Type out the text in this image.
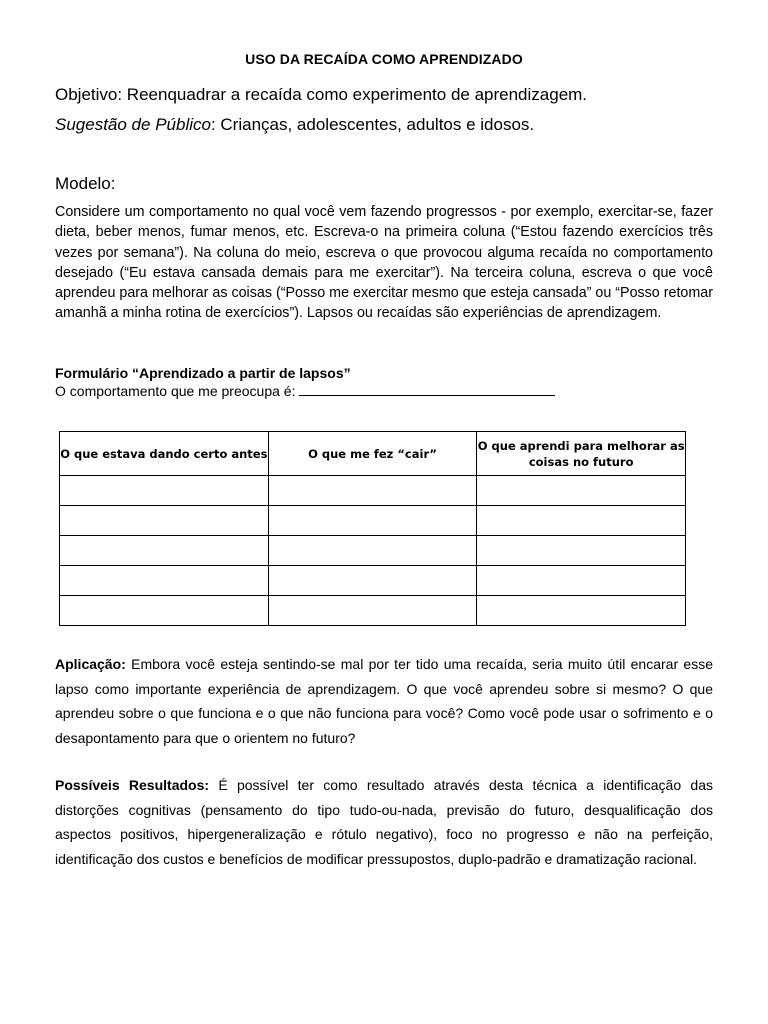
USO DA RECAÍDA COMO APRENDIZADO
Objetivo: Reenquadrar a recaída como experimento de aprendizagem.
Sugestão de Público: Crianças, adolescentes, adultos e idosos.
Modelo:

Considere um comportamento no qual você vem fazendo progressos - por exemplo, exercitar-se, fazer dieta, beber menos, fumar menos, etc. Escreva-o na primeira coluna (“Estou fazendo exercícios três vezes por semana”). Na coluna do meio, escreva o que provocou alguma recaída no comportamento desejado (“Eu estava cansada demais para me exercitar”). Na terceira coluna, escreva o que você aprendeu para melhorar as coisas (“Posso me exercitar mesmo que esteja cansada” ou “Posso retomar amanhã a minha rotina de exercícios”). Lapsos ou recaídas são experiências de aprendizagem.

Formulário “Aprendizado a partir de lapsos”
O comportamento que me preocupa é:
O que estava dando certo antes	O que me fez “cair”	O que aprendi para melhorar as coisas no futuro

Aplicação: Embora você esteja sentindo-se mal por ter tido uma recaída, seria muito útil encarar esse lapso como importante experiência de aprendizagem. O que você aprendeu sobre si mesmo? O que aprendeu sobre o que funciona e o que não funciona para você? Como você pode usar o sofrimento e o desapontamento para que o orientem no futuro?

Possíveis Resultados: É possível ter como resultado através desta técnica a identificação das distorções cognitivas (pensamento do tipo tudo-ou-nada, previsão do futuro, desqualificação dos aspectos positivos, hipergeneralização e rótulo negativo), foco no progresso e não na perfeição, identificação dos custos e benefícios de modificar pressupostos, duplo-padrão e dramatização racional.
